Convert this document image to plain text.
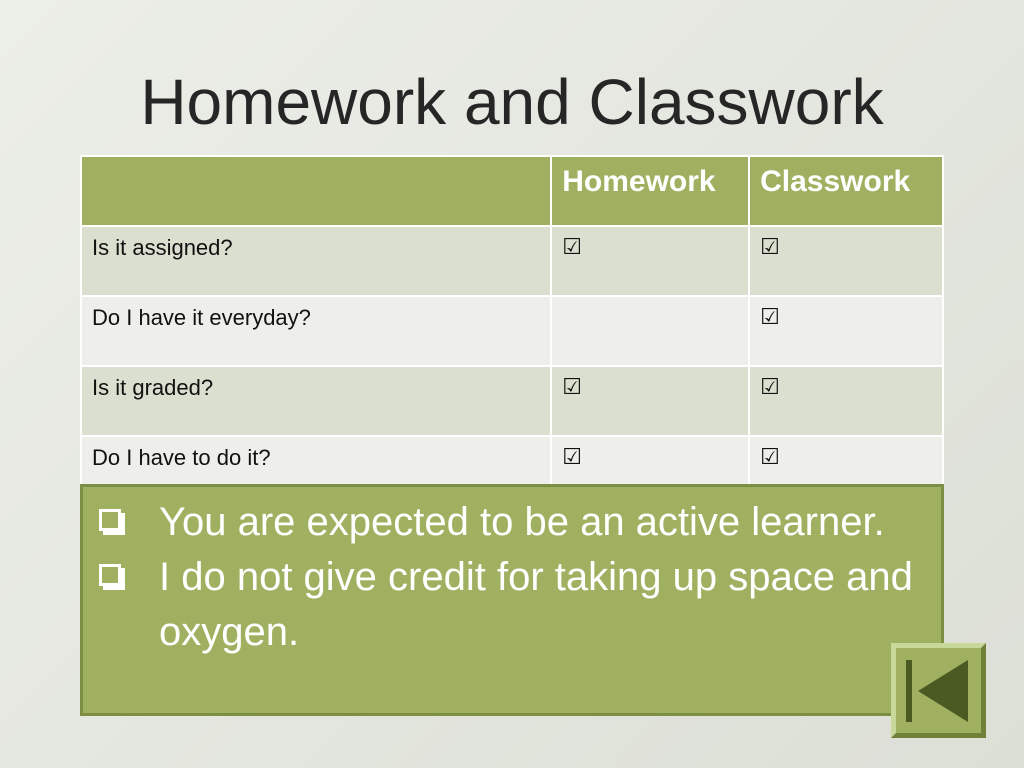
Homework and Classwork
	Homework	Classwork
Is it assigned?	☑	☑
Do I have it everyday?		☑
Is it graded?	☑	☑
Do I have to do it?	☑	☑
You are expected to be an active learner.
I do not give credit for taking up space and oxygen.
